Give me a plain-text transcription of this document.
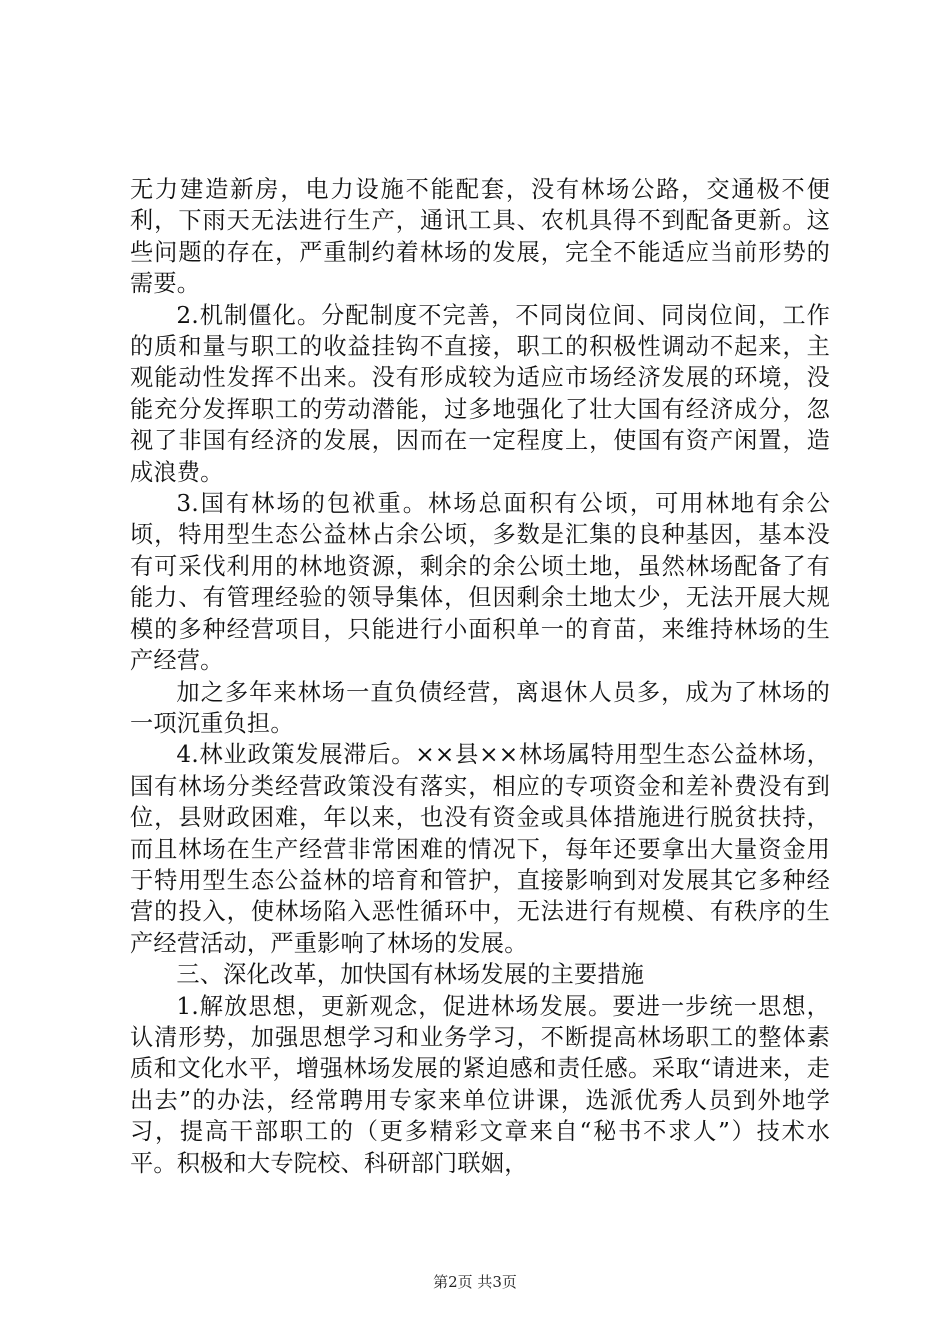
无力建造新房，电力设施不能配套，没有林场公路，交通极不便利，下雨天无法进行生产，通讯工具、农机具得不到配备更新。这些问题的存在，严重制约着林场的发展，完全不能适应当前形势的需要。

2.机制僵化。分配制度不完善，不同岗位间、同岗位间，工作的质和量与职工的收益挂钩不直接，职工的积极性调动不起来，主观能动性发挥不出来。没有形成较为适应市场经济发展的环境，没能充分发挥职工的劳动潜能，过多地强化了壮大国有经济成分，忽视了非国有经济的发展，因而在一定程度上，使国有资产闲置，造成浪费。

3.国有林场的包袱重。林场总面积有公顷，可用林地有余公顷，特用型生态公益林占余公顷，多数是汇集的良种基因，基本没有可采伐利用的林地资源，剩余的余公顷土地，虽然林场配备了有能力、有管理经验的领导集体，但因剩余土地太少，无法开展大规模的多种经营项目，只能进行小面积单一的育苗，来维持林场的生产经营。

加之多年来林场一直负债经营，离退休人员多，成为了林场的一项沉重负担。

4.林业政策发展滞后。××县××林场属特用型生态公益林场，国有林场分类经营政策没有落实，相应的专项资金和差补费没有到位，县财政困难，年以来，也没有资金或具体措施进行脱贫扶持，而且林场在生产经营非常困难的情况下，每年还要拿出大量资金用于特用型生态公益林的培育和管护，直接影响到对发展其它多种经营的投入，使林场陷入恶性循环中，无法进行有规模、有秩序的生产经营活动，严重影响了林场的发展。

三、深化改革，加快国有林场发展的主要措施

1.解放思想，更新观念，促进林场发展。要进一步统一思想，认清形势，加强思想学习和业务学习，不断提高林场职工的整体素质和文化水平，增强林场发展的紧迫感和责任感。采取“请进来，走出去”的办法，经常聘用专家来单位讲课，选派优秀人员到外地学习，提高干部职工的（更多精彩文章来自“秘书不求人”）技术水平。积极和大专院校、科研部门联姻，

第2页 共3页
